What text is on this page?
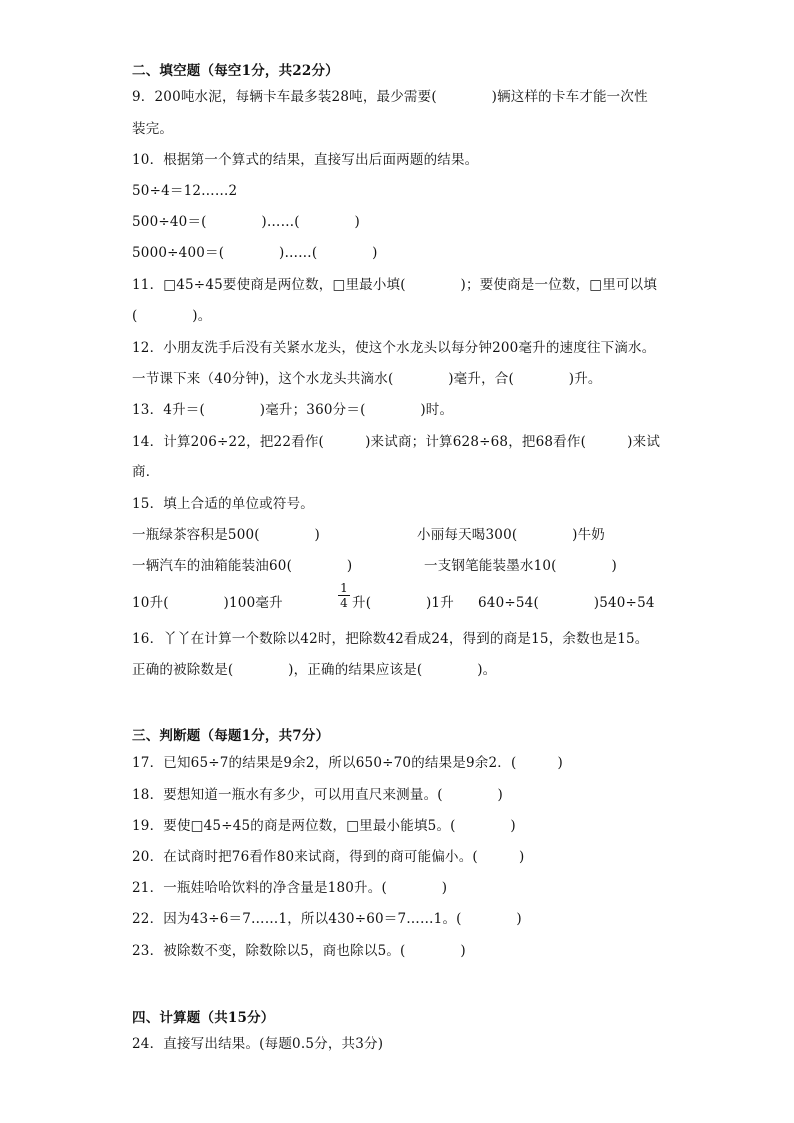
二、填空题（每空1分，共22分）
9．200吨水泥，每辆卡车最多装28吨，最少需要(　　　　)辆这样的卡车才能一次性
装完。
10．根据第一个算式的结果，直接写出后面两题的结果。
50÷4＝12……2
500÷40＝(　　　　)……(　　　　)
5000÷400＝(　　　　)……(　　　　)
11．□45÷45要使商是两位数，□里最小填(　　　　)；要使商是一位数，□里可以填
(　　　　)。
12．小朋友洗手后没有关紧水龙头，使这个水龙头以每分钟200毫升的速度往下滴水。
一节课下来（40分钟)，这个水龙头共滴水(　　　　)毫升，合(　　　　)升。
13．4升＝(　　　　)毫升；360分＝(　　　　)时。
14．计算206÷22，把22看作(　　　)来试商；计算628÷68，把68看作(　　　)来试
商．
15．填上合适的单位或符号。
一瓶绿茶容积是500(　　　　)	小丽每天喝300(　　　　)牛奶
一辆汽车的油箱能装油60(　　　　)	一支钢笔能装墨水10(　　　　)
10升(　　　　)100毫升
1
4 升(　　　　)1升 640÷54(　　　　)540÷54
16．丫丫在计算一个数除以42时，把除数42看成24，得到的商是15，余数也是15。
正确的被除数是(　　　　)，正确的结果应该是(　　　　)。
三、判断题（每题1分，共7分）
17．已知65÷7的结果是9余2，所以650÷70的结果是9余2．(　　　)
18．要想知道一瓶水有多少，可以用直尺来测量。(　　　　)
19．要使□45÷45的商是两位数，□里最小能填5。(　　　　)
20．在试商时把76看作80来试商，得到的商可能偏小。(　　　)
21．一瓶娃哈哈饮料的净含量是180升。(　　　　)
22．因为43÷6＝7……1，所以430÷60＝7……1。(　　　　)
23．被除数不变，除数除以5，商也除以5。(　　　　)
四、计算题（共15分）
24．直接写出结果。(每题0.5分，共3分)
